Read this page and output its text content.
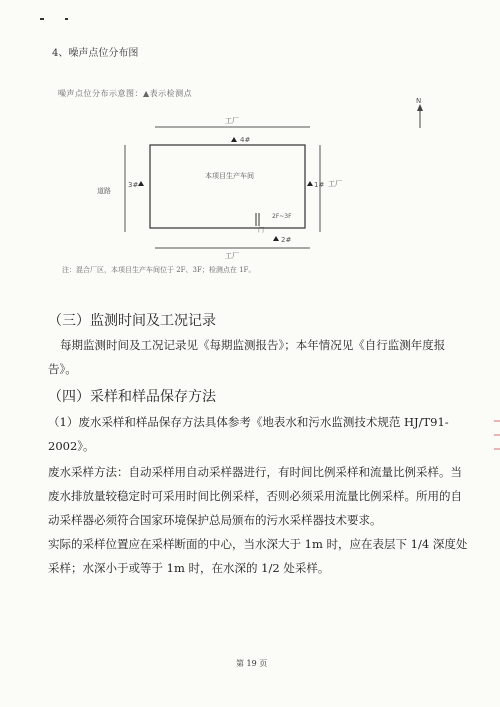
4、噪声点位分布图
噪声点位分布示意图：▲表示检测点
N
本项目生产车间
工厂
工厂
道路
工厂
4#
3#	1#
2#
2F~3F
门
注：混合厂区，本项目生产车间位于 2F、3F；检测点在 1F。
（三）监测时间及工况记录
每期监测时间及工况记录见《每期监测报告》；本年情况见《自行监测年度报告》。
（四）采样和样品保存方法
（1）废水采样和样品保存方法具体参考《地表水和污水监测技术规范 HJ/T91-2002》。
废水采样方法：自动采样用自动采样器进行，有时间比例采样和流量比例采样。当废水排放量较稳定时可采用时间比例采样，否则必须采用流量比例采样。所用的自动采样器必须符合国家环境保护总局颁布的污水采样器技术要求。
实际的采样位置应在采样断面的中心，当水深大于 1m 时，应在表层下 1/4 深度处采样；水深小于或等于 1m 时，在水深的 1/2 处采样。
第 19 页
